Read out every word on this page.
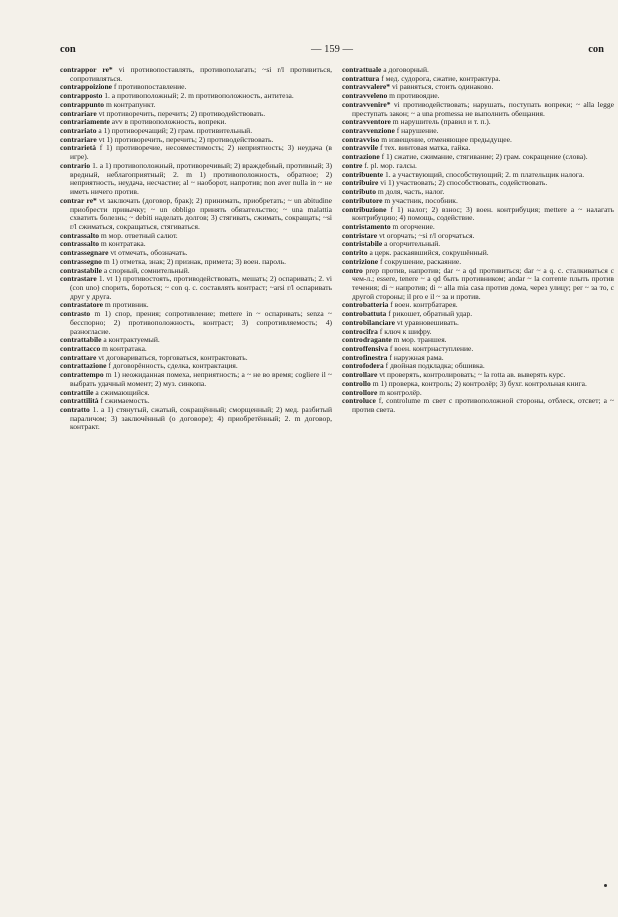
con	— 159 —	con

contrappor re* vi противопоставлять, противополагать; ~si r/l противиться, сопротивляться.

contrappoizione f противопоставление.

contrapposto 1. a противоположный; 2. m противоположность, антитеза.

contrappunto m контрапункт.

contrariare vt противоречить, перечить; 2) противодействовать.

contrariamente avv в противоположность, вопреки.

contrariato a 1) противоречащий; 2) грам. противительный.

contrariare vt 1) противоречить, перечить; 2) противодействовать.

contrarietà f 1) противоречие, несовместимость; 2) неприятность; 3) неудача (в игре).

contrario 1. a 1) противоположный, противоречивый; 2) враждебный, противный; 3) вредный, неблагоприятный; 2. m 1) противоположность, обратное; 2) неприятность, неудача, несчастие; al ~ наоборот, напротив; non aver nulla in ~ не иметь ничего против.

contrar re* vt заключать (договор, брак); 2) принимать, приобретать; ~ un abitudine приобрести привычку; ~ un obbligo принять обязательство; ~ una malattia схватить болезнь; ~ debiti наделать долгов; 3) стягивать, сжимать, сокращать; ~si r/l сжиматься, сокращаться, стягиваться.

contrassalto m мор. ответный салют.

contrassalto m контратака.

contrassegnare vt отмечать, обозначать.

contrassegno m 1) отметка, знак; 2) признак, примета; 3) воен. пароль.

contrastabile a спорный, сомнительный.

contrastare 1. vt 1) противостоять, противодействовать, мешать; 2) оспаривать; 2. vi (con uno) спорить, бороться; ~ con q. c. составлять контраст; ~arsi r/l оспаривать друг у друга.

contrastatore m противник.

contrasto m 1) спор, прения; сопротивление; mettere in ~ оспаривать; senza ~ бесспорно; 2) противоположность, контраст; 3) сопротивляемость; 4) разногласие.

contrattabile a контрактуемый.

contrattacco m контратака.

contrattare vt договариваться, торговаться, контрактовать.

contrattazione f договорённость, сделка, контрактация.

contrattempo m 1) неожиданная помеха, неприятность; a ~ не во время; cogliere il ~ выбрать удачный момент; 2) муз. синкопа.

contrattile a сжимающийся.

contrattilità f сжимаемость.

contratto 1. a 1) стянутый, сжатый, сокращённый; сморщенный; 2) мед. разбитый параличом; 3) заключённый (о договоре); 4) приобретённый; 2. m договор, контракт.

contrattuale a договорный.

contrattura f мед. судорога, сжатие, контрактура.

contravvalere* vi равняться, стоить одинаково.

contravveleno m противоядие.

contravvenire* vi противодействовать; нарушать, поступать вопреки; ~ alla legge преступать закон; ~ a una promessa не выполнить обещания.

contravventore m нарушитель (правил и т. п.).

contravvenzione f нарушение.

contravviso m извещение, отменяющее предыдущее.

contravvile f тех. винтовая матка, гайка.

contrazione f 1) сжатие, сжимание, стягивание; 2) грам. сокращение (слова).

contre f. pl. мор. галсы.

contribuente 1. a участвующий, способствующий; 2. m плательщик налога.

contribuire vi 1) участвовать; 2) способствовать, содействовать.

contributo m доля, часть, налог.

contributore m участник, пособник.

contribuzione f 1) налог; 2) взнос; 3) воен. контрибуция; mettere a ~ налагать контрибуцию; 4) помощь, содействие.

contristamento m огорчение.

contristare vt огорчать; ~si r/l огорчаться.

contristabile a огорчительный.

contrito a церк. раскаявшийся, сокрушённый.

contrizione f сокрушение, раскаяние.

contro prep против, напротив; dar ~ a qd противиться; dar ~ a q. c. сталкиваться с чем-л.; essere, tenere ~ a qd быть противником; andar ~ la corrente плыть против течения; di ~ напротив; di ~ alla mia casa против дома, через улицу; per ~ за то, с другой стороны; il pro e il ~ за и против.

controbatteria f воен. контрбатарея.

controbattuta f рикошет, обратный удар.

controbilanciare vt уравновешивать.

controcifra f ключ к шифру.

controdragante m мор. траншея.

controffensiva f воен. контрнаступление.

controfinestra f наружная рама.

controfodera f двойная подкладка; обшивка.

controllare vt проверять, контролировать; ~ la rotta ав. выверять курс.

controllo m 1) проверка, контроль; 2) контролёр; 3) бухг. контрольная книга.

controllore m контролёр.

controluce f, controlume m свет с противоположной стороны, отблеск, отсвет; a ~ против света.
